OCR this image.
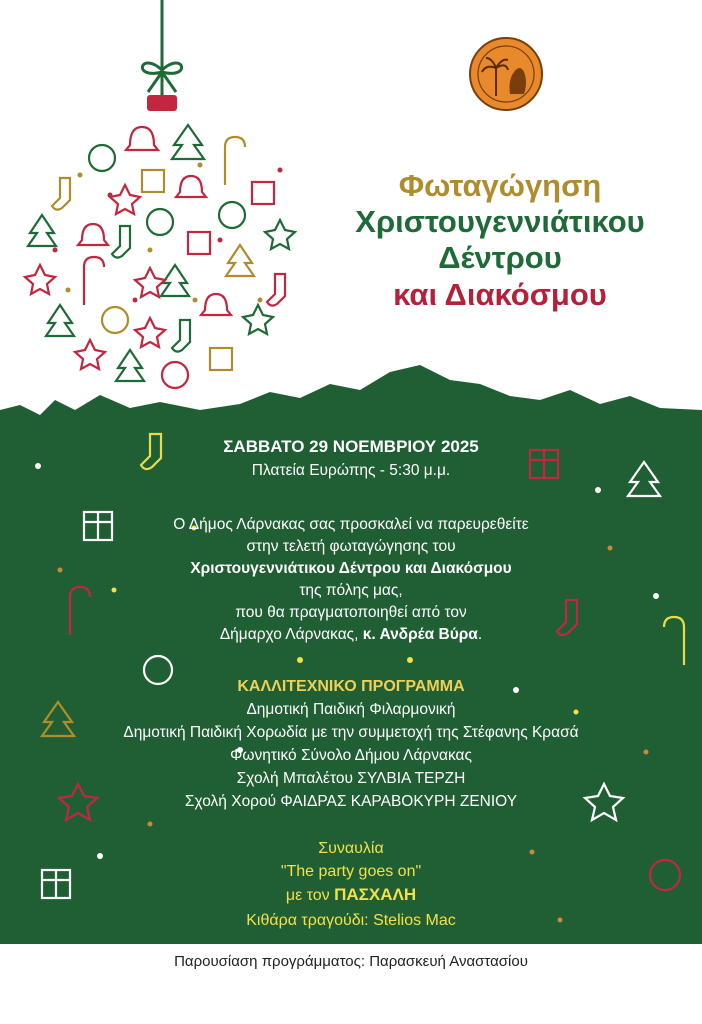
Φωταγώγηση
Χριστουγεννιάτικου
Δέντρου
και Διακόσμου
ΣΑΒΒΑΤΟ 29 ΝΟΕΜΒΡΙΟΥ 2025
Πλατεία Ευρώπης - 5:30 μ.μ.
Ο Δήμος Λάρνακας σας προσκαλεί να παρευρεθείτε
στην τελετή φωταγώγησης του
Χριστουγεννιάτικου Δέντρου και Διακόσμου
της πόλης μας,
που θα πραγματοποιηθεί από τον
Δήμαρχο Λάρνακας, κ. Ανδρέα Βύρα.
ΚΑΛΛΙΤΕΧΝΙΚΟ ΠΡΟΓΡΑΜΜΑ
Δημοτική Παιδική Φιλαρμονική
Δημοτική Παιδική Χορωδία με την συμμετοχή της Στέφανης Κρασά
Φωνητικό Σύνολο Δήμου Λάρνακας
Σχολή Μπαλέτου ΣΥΛΒΙΑ ΤΕΡΖΗ
Σχολή Χορού ΦΑΙΔΡΑΣ ΚΑΡΑΒΟΚΥΡΗ ΖΕΝΙΟΥ
Συναυλία
"The party goes on"
με τον ΠΑΣΧΑΛΗ
Κιθάρα τραγούδι: Stelios Mac
Παρουσίαση προγράμματος: Παρασκευή Αναστασίου
